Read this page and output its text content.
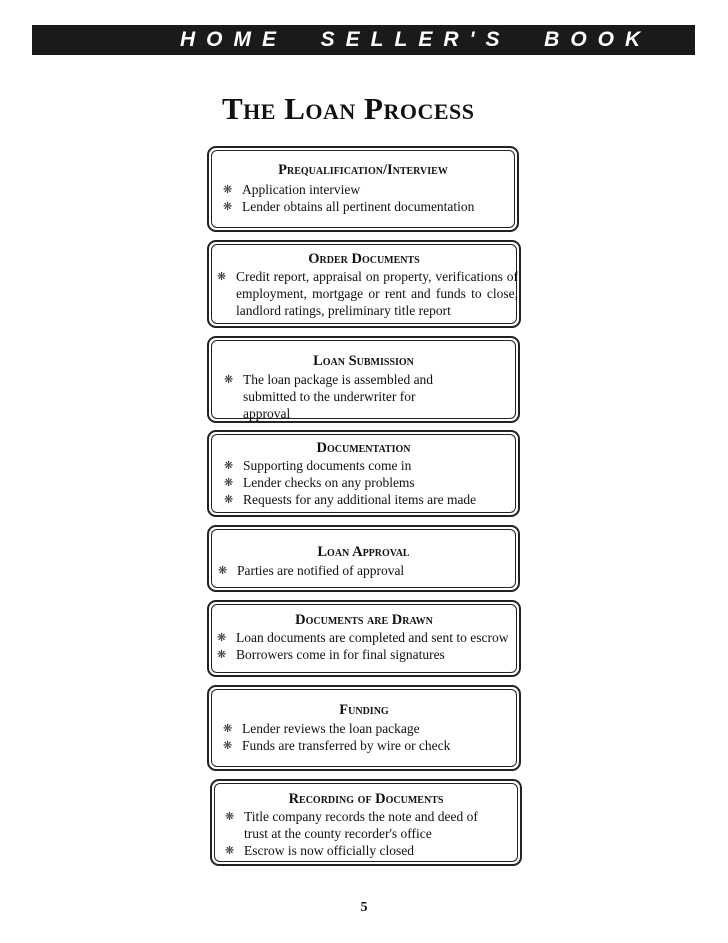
HOME  SELLER'S  BOOK
The Loan Process
Prequalification/Interview
❋ Application interview
❋ Lender obtains all pertinent documentation
Order Documents
❋ Credit report, appraisal on property, verifications of employment, mortgage or rent and funds to close, landlord ratings, preliminary title report
Loan Submission
❋ The loan package is assembled and submitted to the underwriter for approval
Documentation
❋ Supporting documents come in
❋ Lender checks on any problems
❋ Requests for any additional items are made
Loan Approval
❋ Parties are notified of approval
Documents are Drawn
❋ Loan documents are completed and sent to escrow
❋ Borrowers come in for final signatures
Funding
❋ Lender reviews the loan package
❋ Funds are transferred by wire or check
Recording of Documents
❋ Title company records the note and deed of trust at the county recorder's office
❋ Escrow is now officially closed
5
